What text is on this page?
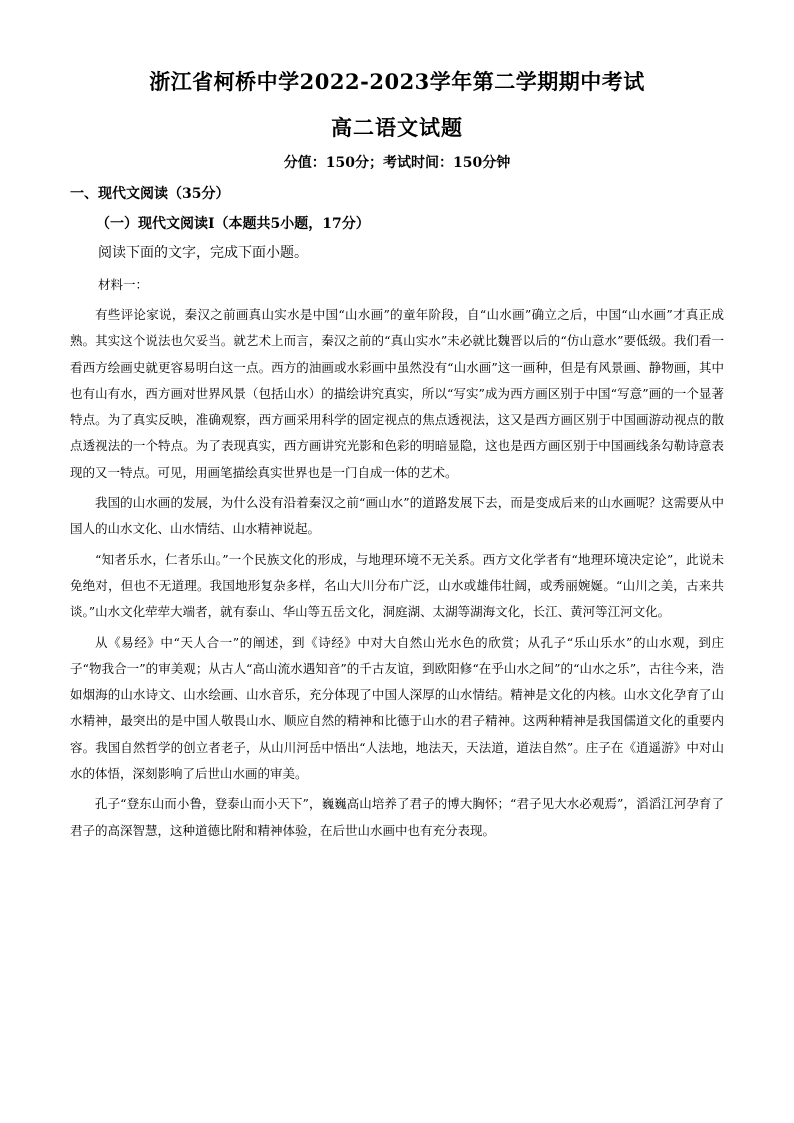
浙江省柯桥中学2022-2023学年第二学期期中考试
高二语文试题
分值：150分；考试时间：150分钟
一、现代文阅读（35分）
（一）现代文阅读Ⅰ（本题共5小题，17分）
阅读下面的文字，完成下面小题。
材料一：

有些评论家说，秦汉之前画真山实水是中国“山水画”的童年阶段，自“山水画”确立之后，中国“山水画”才真正成熟。其实这个说法也欠妥当。就艺术上而言，秦汉之前的“真山实水”未必就比魏晋以后的“仿山意水”要低级。我们看一看西方绘画史就更容易明白这一点。西方的油画或水彩画中虽然没有“山水画”这一画种，但是有风景画、静物画，其中也有山有水，西方画对世界风景（包括山水）的描绘讲究真实，所以“写实”成为西方画区别于中国“写意”画的一个显著特点。为了真实反映，准确观察，西方画采用科学的固定视点的焦点透视法，这又是西方画区别于中国画游动视点的散点透视法的一个特点。为了表现真实，西方画讲究光影和色彩的明暗显隐，这也是西方画区别于中国画线条勾勒诗意表现的又一特点。可见，用画笔描绘真实世界也是一门自成一体的艺术。

我国的山水画的发展，为什么没有沿着秦汉之前“画山水”的道路发展下去，而是变成后来的山水画呢？这需要从中国人的山水文化、山水情结、山水精神说起。

“知者乐水，仁者乐山。”一个民族文化的形成，与地理环境不无关系。西方文化学者有“地理环境决定论”，此说未免绝对，但也不无道理。我国地形复杂多样，名山大川分布广泛，山水或雄伟壮阔，或秀丽婉娫。“山川之美，古来共谈。”山水文化荦荦大端者，就有泰山、华山等五岳文化，洞庭湖、太湖等湖海文化，长江、黄河等江河文化。

从《易经》中“天人合一”的阐述，到《诗经》中对大自然山光水色的欣赏；从孔子“乐山乐水”的山水观，到庄子“物我合一”的审美观；从古人“高山流水遇知音”的千古友谊，到欧阳修“在乎山水之间”的“山水之乐”，古往今来，浩如烟海的山水诗文、山水绘画、山水音乐，充分体现了中国人深厚的山水情结。精神是文化的内核。山水文化孕育了山水精神，最突出的是中国人敬畏山水、顺应自然的精神和比德于山水的君子精神。这两种精神是我国儒道文化的重要内容。我国自然哲学的创立者老子，从山川河岳中悟出“人法地，地法天，天法道，道法自然”。庄子在《逍遥游》中对山水的体悟，深刻影响了后世山水画的审美。

孔子“登东山而小鲁，登泰山而小天下”，巍巍高山培养了君子的博大胸怀；“君子见大水必观焉”，滔滔江河孕育了君子的高深智慧，这种道德比附和精神体验，在后世山水画中也有充分表现。
